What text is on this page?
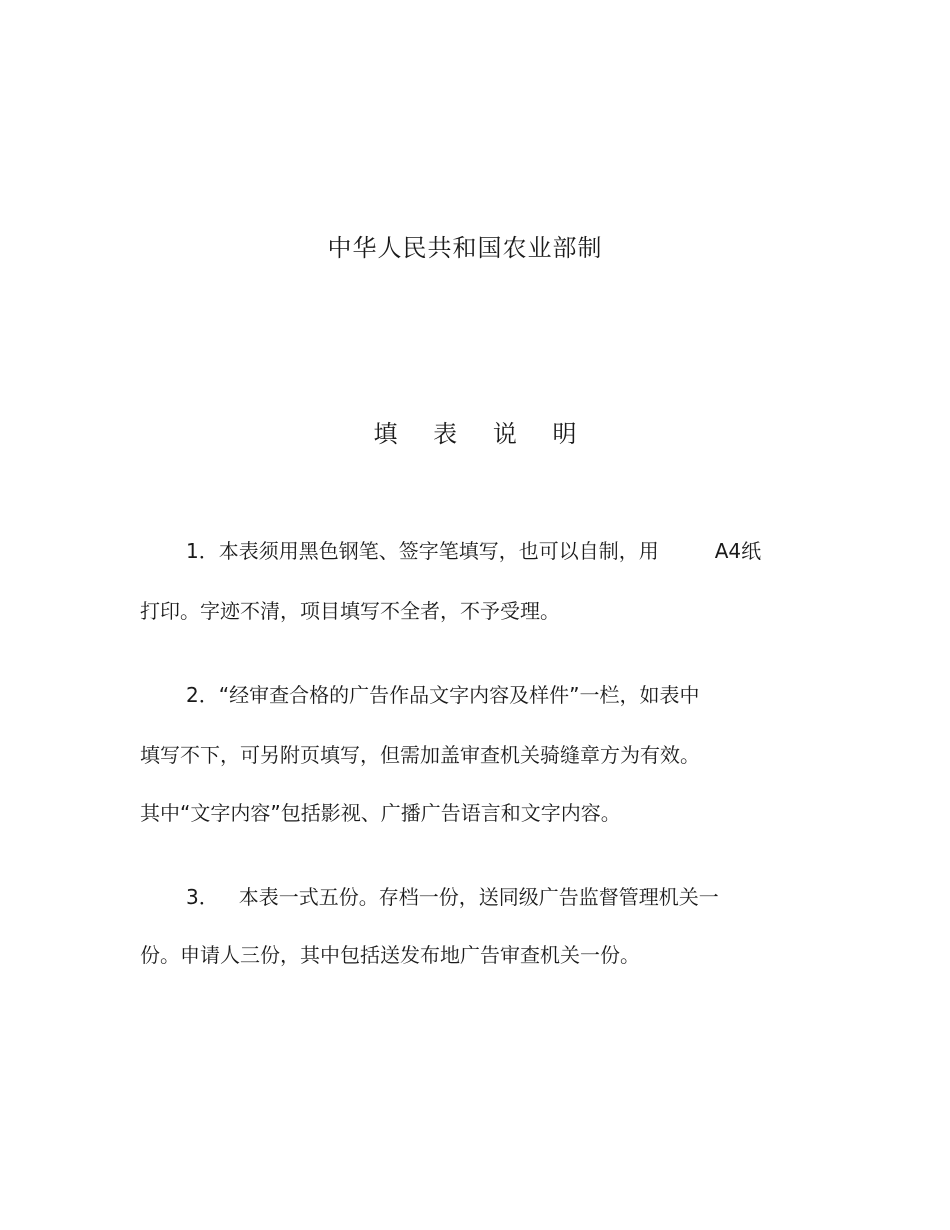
中华人民共和国农业部制
填 表 说 明
1．本表须用黑色钢笔、签字笔填写，也可以自制，用	A4纸
打印。字迹不清，项目填写不全者，不予受理。
2．“经审查合格的广告作品文字内容及样件”一栏，如表中
填写不下，可另附页填写，但需加盖审查机关骑缝章方为有效。
其中“文字内容”包括影视、广播广告语言和文字内容。
3． 本表一式五份。存档一份，送同级广告监督管理机关一
份。申请人三份，其中包括送发布地广告审查机关一份。
